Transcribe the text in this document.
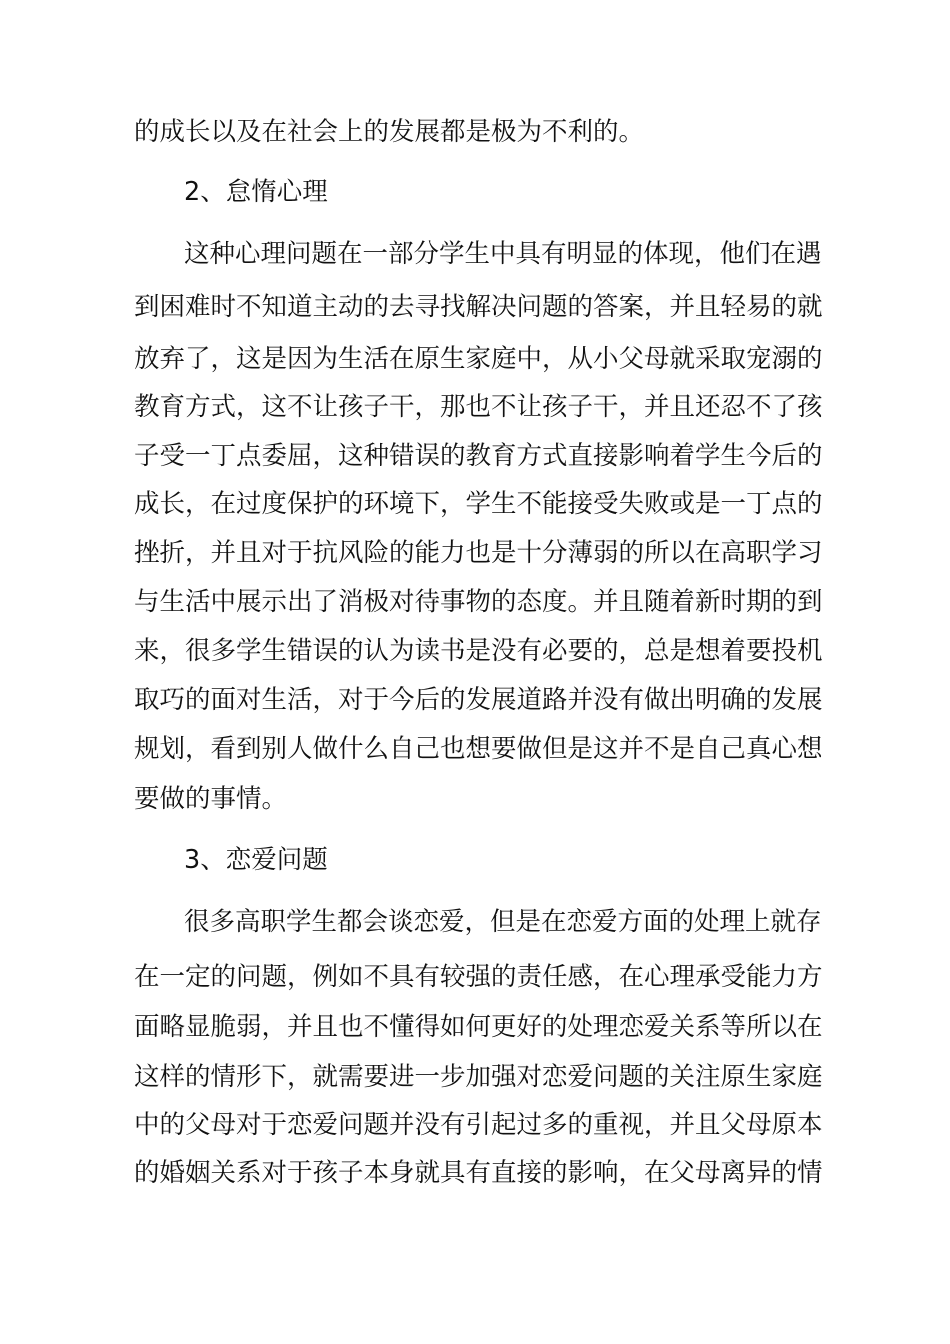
的成长以及在社会上的发展都是极为不利的。
2、怠惰心理
这种心理问题在一部分学生中具有明显的体现，他们在遇
到困难时不知道主动的去寻找解决问题的答案，并且轻易的就
放弃了，这是因为生活在原生家庭中，从小父母就采取宠溺的
教育方式，这不让孩子干，那也不让孩子干，并且还忍不了孩
子受一丁点委屈，这种错误的教育方式直接影响着学生今后的
成长，在过度保护的环境下，学生不能接受失败或是一丁点的
挫折，并且对于抗风险的能力也是十分薄弱的所以在高职学习
与生活中展示出了消极对待事物的态度。并且随着新时期的到
来，很多学生错误的认为读书是没有必要的，总是想着要投机
取巧的面对生活，对于今后的发展道路并没有做出明确的发展
规划，看到别人做什么自己也想要做但是这并不是自己真心想
要做的事情。
3、恋爱问题
很多高职学生都会谈恋爱，但是在恋爱方面的处理上就存
在一定的问题，例如不具有较强的责任感，在心理承受能力方
面略显脆弱，并且也不懂得如何更好的处理恋爱关系等所以在
这样的情形下，就需要进一步加强对恋爱问题的关注原生家庭
中的父母对于恋爱问题并没有引起过多的重视，并且父母原本
的婚姻关系对于孩子本身就具有直接的影响，在父母离异的情
